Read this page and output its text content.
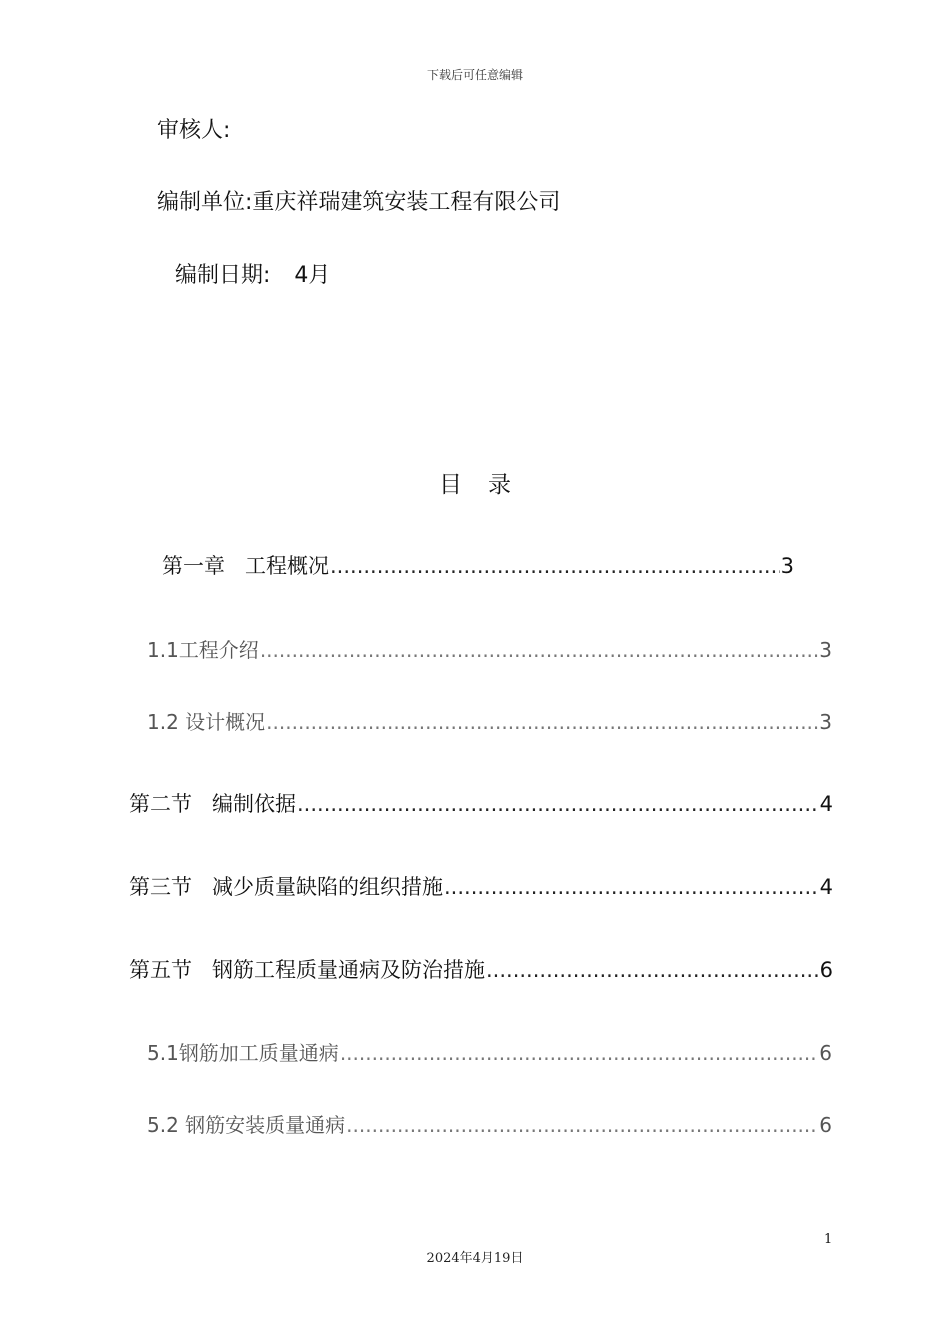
下载后可任意编辑
审核人:
编制单位:重庆祥瑞建筑安装工程有限公司
编制日期: 4月
目录
第一章 工程概况 .....	3
1.1工程介绍 .....	3
1.2 设计概况 .....	3
第二节 编制依据 .....	4
第三节 减少质量缺陷的组织措施 .....	4
第五节 钢筋工程质量通病及防治措施 .....	6
5.1钢筋加工质量通病 .....	6
5.2 钢筋安装质量通病 .....	6
1
2024年4月19日
